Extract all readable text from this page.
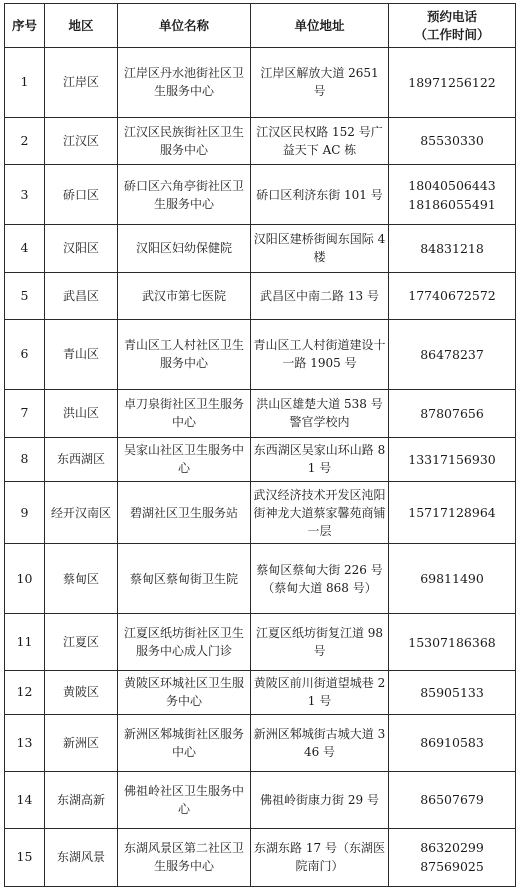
序号	地区	单位名称	单位地址	预约电话
（工作时间）

1	江岸区	江岸区丹水池街社区卫生服务中心	江岸区解放大道 2651 号	18971256122

2	江汉区	江汉区民族街社区卫生服务中心	江汉区民权路 152 号广益天下 AC 栋	85530330

3	硚口区	硚口区六角亭街社区卫生服务中心	硚口区利济东街 101 号	18040506443
18186055491

4	汉阳区	汉阳区妇幼保健院	汉阳区建桥街闽东国际 4 楼	84831218

5	武昌区	武汉市第七医院	武昌区中南二路 13 号	17740672572

6	青山区	青山区工人村社区卫生服务中心	青山区工人村街道建设十一路 1905 号	86478237

7	洪山区	卓刀泉街社区卫生服务中心	洪山区雄楚大道 538 号警官学校内	87807656

8	东西湖区	吴家山社区卫生服务中心	东西湖区吴家山环山路 81 号	13317156930

9	经开汉南区	碧湖社区卫生服务站	武汉经济技术开发区沌阳街神龙大道蔡家馨苑商铺一层	15717128964

10	蔡甸区	蔡甸区蔡甸街卫生院	蔡甸区蔡甸大街 226 号（蔡甸大道 868 号）	69811490

11	江夏区	江夏区纸坊街社区卫生服务中心成人门诊	江夏区纸坊街复江道 98 号	15307186368

12	黄陂区	黄陂区环城社区卫生服务中心	黄陂区前川街道望城巷 21 号	85905133

13	新洲区	新洲区邾城街社区服务中心	新洲区邾城街古城大道 346 号	86910583

14	东湖高新	佛祖岭社区卫生服务中心	佛祖岭街康力街 29 号	86507679

15	东湖风景	东湖风景区第二社区卫生服务中心	东湖东路 17 号（东湖医院南门）	86320299
87569025
